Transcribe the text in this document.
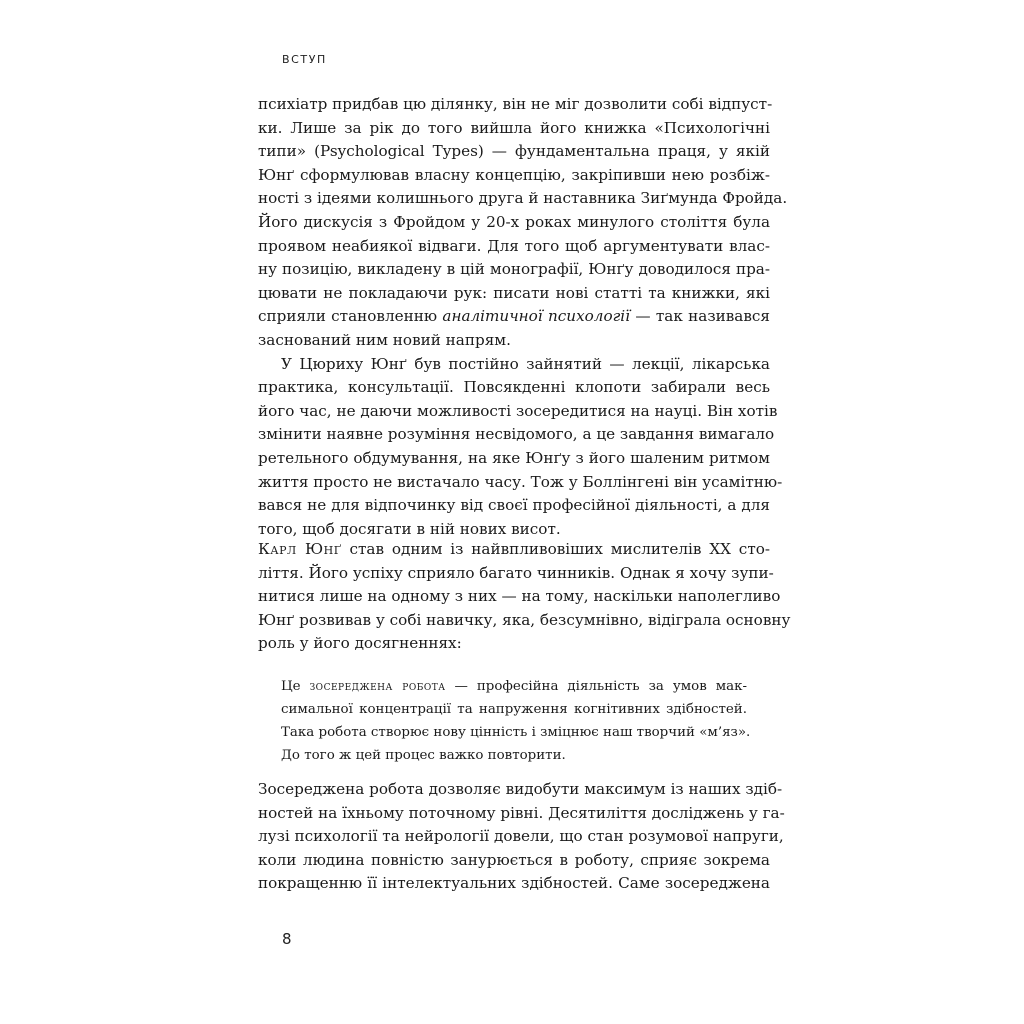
ВСТУП
психіатр придбав цю ділянку, він не міг дозволити собі відпуст-
ки. Лише за рік до того вийшла його книжка «Психологічні
типи» (Psychological Types) — фундаментальна праця, у якій
Юнґ сформулював власну концепцію, закріпивши нею розбіж-
ності з ідеями колишнього друга й наставника Зиґмунда Фройда.
Його дискусія з Фройдом у 20-х роках минулого століття була
проявом неабиякої відваги. Для того щоб аргументувати влас-
ну позицію, викладену в цій монографії, Юнґу доводилося пра-
цювати не покладаючи рук: писати нові статті та книжки, які
сприяли становленню аналітичної психології — так називався
заснований ним новий напрям.
У Цюриху Юнґ був постійно зайнятий — лекції, лікарська
практика, консультації. Повсякденні клопоти забирали весь
його час, не даючи можливості зосередитися на науці. Він хотів
змінити наявне розуміння несвідомого, а це завдання вимагало
ретельного обдумування, на яке Юнґу з його шаленим ритмом
життя просто не вистачало часу. Тож у Боллінгені він усамітню-
вався не для відпочинку від своєї професійної діяльності, а для
того, щоб досягати в ній нових висот.
Карл Юнґ став одним із найвпливовіших мислителів XX сто-
ліття. Його успіху сприяло багато чинників. Однак я хочу зупи-
нитися лише на одному з них — на тому, наскільки наполегливо
Юнґ розвивав у собі навичку, яка, безсумнівно, відіграла основну
роль у його досягненнях:
Це зосереджена робота — професійна діяльність за умов мак-
симальної концентрації та напруження когнітивних здібностей.
Така робота створює нову цінність і зміцнює наш творчий «м’яз».
До того ж цей процес важко повторити.
Зосереджена робота дозволяє видобути максимум із наших здіб-
ностей на їхньому поточному рівні. Десятиліття досліджень у га-
лузі психології та нейрології довели, що стан розумової напруги,
коли людина повністю занурюється в роботу, сприяє зокрема
покращенню її інтелектуальних здібностей. Саме зосереджена
8
